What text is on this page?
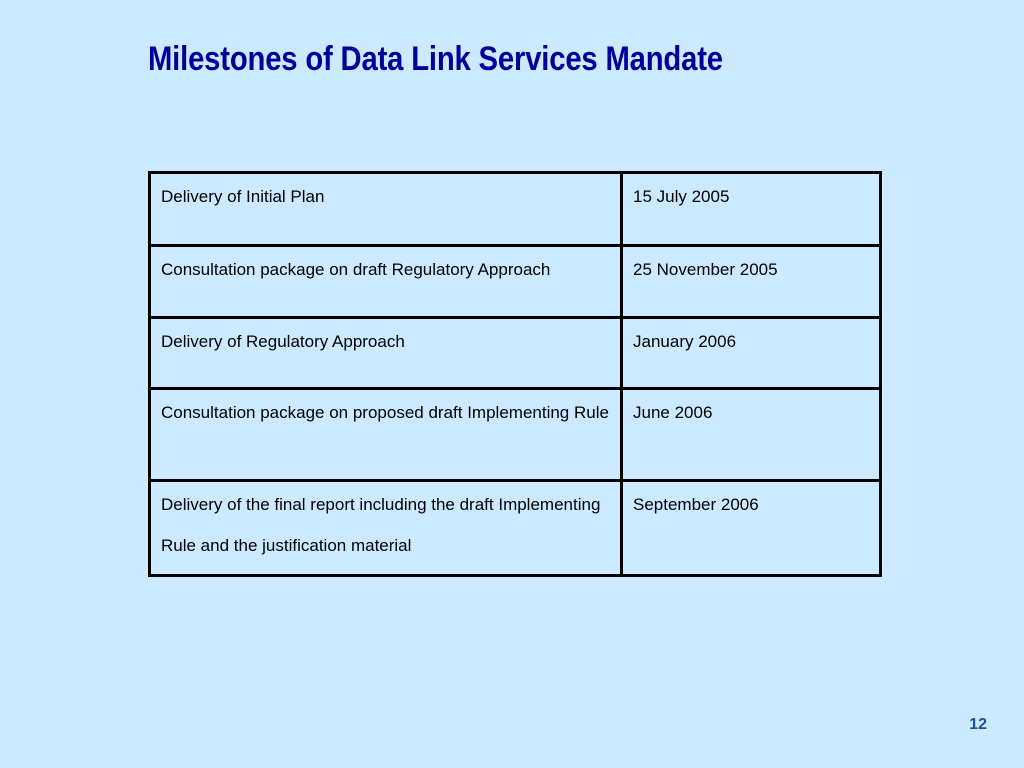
Milestones of Data Link Services Mandate
Delivery of Initial Plan	15 July 2005

Consultation package on draft Regulatory Approach	25 November 2005

Delivery of Regulatory Approach	January 2006

Consultation package on proposed draft Implementing Rule	June 2006

Delivery of the final report including the draft Implementing Rule and the justification material	September 2006
12
